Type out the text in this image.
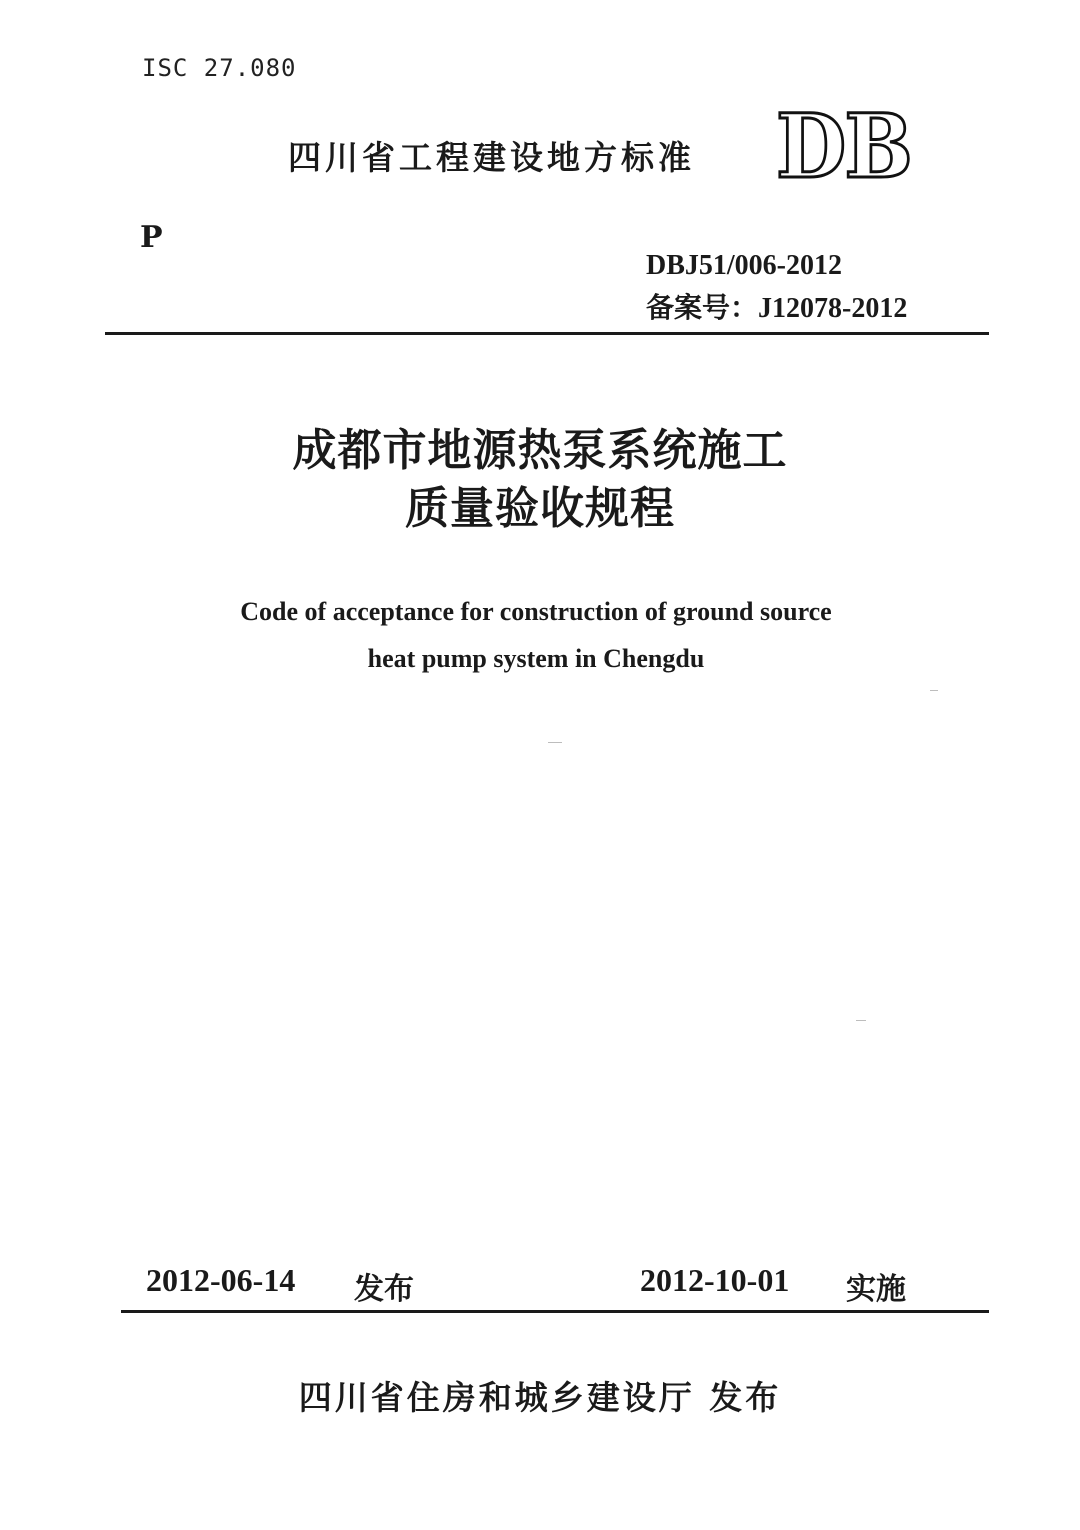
ISC 27.080
四川省工程建设地方标准 DB
P
DBJ51/006-2012
备案号：J12078-2012
成都市地源热泵系统施工
质量验收规程
Code of acceptance for construction of ground source
heat pump system in Chengdu
2012-06-14 发布	2012-10-01 实施
四川省住房和城乡建设厅 发布
